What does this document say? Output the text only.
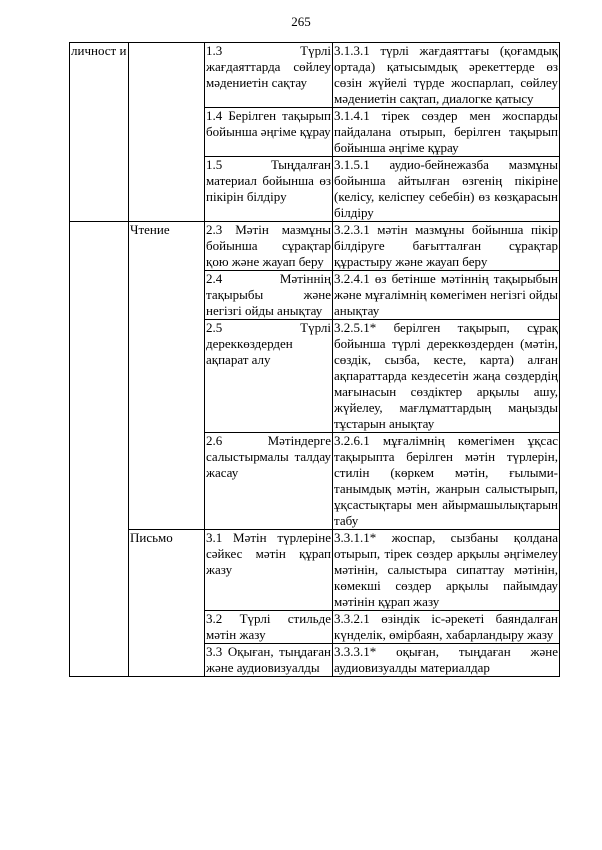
265
личност и		1.3 Түрлі жағдаяттарда сөйлеу мәдениетін сақтау	3.1.3.1 түрлі жағдаяттағы (қоғамдық ортада) қатысымдық әрекеттерде өз сөзін жүйелі түрде жоспарлап, сөйлеу мәдениетін сақтап, диалогке қатысу
		1.4 Берілген тақырып бойынша әңгіме құрау	3.1.4.1 тірек сөздер мен жоспарды пайдалана отырып, берілген тақырып бойынша әңгіме құрау
		1.5 Тыңдалған материал бойынша өз пікірін білдіру	3.1.5.1 аудио-бейнежазба мазмұны бойынша айтылған өзгенің пікіріне (келісу, келіспеу себебін) өз көзқарасын білдіру

	Чтение	2.3 Мәтін мазмұны бойынша сұрақтар қою және жауап беру	3.2.3.1 мәтін мазмұны бойынша пікір білдіруге бағытталған сұрақтар құрастыру және жауап беру
		2.4 Мәтіннің тақырыбы және негізгі ойды анықтау	3.2.4.1 өз бетінше мәтіннің тақырыбын және мұғалімнің көмегімен негізгі ойды анықтау
		2.5 Түрлі дереккөздерден ақпарат алу	3.2.5.1* берілген тақырып, сұрақ бойынша түрлі дереккөздерден (мәтін, сөздік, сызба, кесте, карта) алған ақпараттарда кездесетін жаңа сөздердің мағынасын сөздіктер арқылы ашу, жүйелеу, мағлұматтардың маңызды тұстарын анықтау
		2.6 Мәтіндерге салыстырмалы талдау жасау	3.2.6.1 мұғалімнің көмегімен ұқсас тақырыпта берілген мәтін түрлерін, стилін (көркем мәтін, ғылыми-танымдық мәтін, жанрын салыстырып, ұқсастықтары мен айырмашылықтарын табу

	Письмо	3.1 Мәтін түрлеріне сәйкес мәтін құрап жазу	3.3.1.1* жоспар, сызбаны қолдана отырып, тірек сөздер арқылы әңгімелеу мәтінін, салыстыра сипаттау мәтінін, көмекші сөздер арқылы пайымдау мәтінін құрап жазу
		3.2 Түрлі стильде мәтін жазу	3.3.2.1 өзіндік іс-әрекеті баяндалған күнделік, өмірбаян, хабарландыру жазу
		3.3 Оқыған, тыңдаған және аудиовизуалды	3.3.3.1* оқыған, тыңдаған және аудиовизуалды материалдар
